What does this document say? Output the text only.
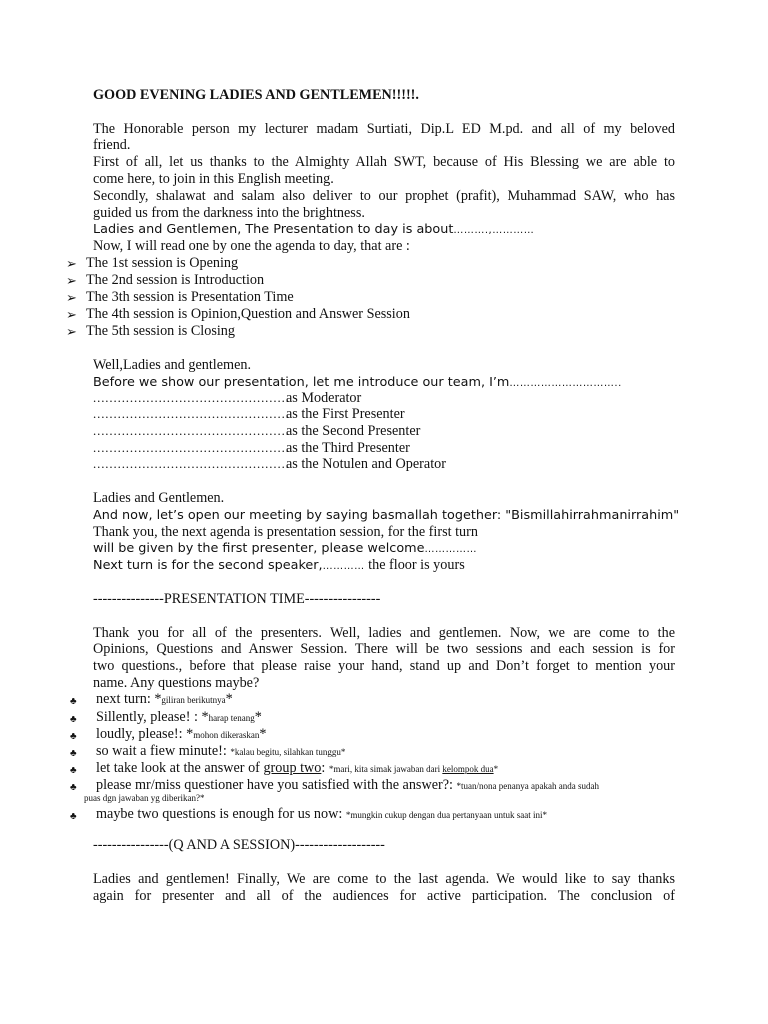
GOOD EVENING LADIES AND GENTLEMEN!!!!!.
The Honorable person my lecturer madam Surtiati, Dip.L ED M.pd. and all of my beloved
friend.
First of all, let us thanks to the Almighty Allah SWT, because of His Blessing we are able to
come here, to join in this English meeting.
Secondly, shalawat and salam also deliver to our prophet (prafit), Muhammad SAW, who has
guided us from the darkness into the brightness.
Ladies and Gentlemen, The Presentation to day is about……….,…………
Now, I will read one by one the agenda to day, that are :
➢ The 1st session is Opening
➢ The 2nd session is Introduction
➢ The 3th session is Presentation Time
➢ The 4th session is Opinion,Question and Answer Session
➢ The 5th session is Closing
Well,Ladies and gentlemen.
Before we show our presentation, let me introduce our team, I’m…………………………..
................................................
as Moderator
................................................
as the First Presenter
................................................
as the Second Presenter
................................................
as the Third Presenter
................................................
as the Notulen and Operator
Ladies and Gentlemen.
And now, let’s open our meeting by saying basmallah together: "Bismillahirrahmanirrahim"
Thank you, the next agenda is presentation session, for the first turn
will be given by the first presenter, please welcome……………
Next turn is for the second speaker,………… the floor is yours
---------------PRESENTATION TIME----------------
Thank you for all of the presenters. Well, ladies and gentlemen. Now, we are come to the
Opinions, Questions and Answer Session. There will be two sessions and each session is for
two questions., before that please raise your hand, stand up and Don’t forget to mention your
name. Any questions maybe?
♣ next turn: *giliran berikutnya*
♣ Sillently, please! : *harap tenang*
♣ loudly, please!: *mohon dikeraskan*
♣ so wait a fiew minute!: *kalau begitu, silahkan tunggu*
♣ let take look at the answer of group two: *mari, kita simak jawaban dari kelompok dua*
♣ please mr/miss questioner have you satisfied with the answer?: *tuan/nona penanya apakah anda sudah
puas dgn jawaban yg diberikan?*
♣ maybe two questions is enough for us now: *mungkin cukup dengan dua pertanyaan untuk saat ini*
----------------(Q AND A SESSION)-------------------
Ladies and gentlemen! Finally, We are come to the last agenda. We would like to say thanks
again for presenter and all of the audiences for active participation. The conclusion of
